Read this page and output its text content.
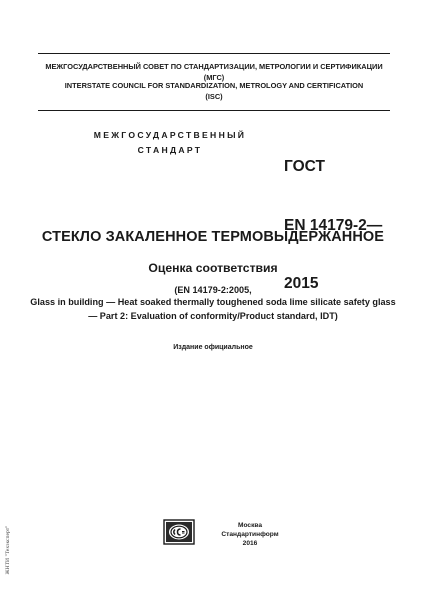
МЕЖГОСУДАРСТВЕННЫЙ СОВЕТ ПО СТАНДАРТИЗАЦИИ, МЕТРОЛОГИИ И СЕРТИФИКАЦИИ
(МГС)
INTERSTATE COUNCIL FOR STANDARDIZATION, METROLOGY AND CERTIFICATION
(ISC)
МЕЖГОСУДАРСТВЕННЫЙ
СТАНДАРТ

ГОСТ

EN 14179-2—

2015

СТЕКЛО ЗАКАЛЕННОЕ ТЕРМОВЫДЕРЖАННОЕ
Оценка соответствия
(EN 14179-2:2005,
Glass in building — Heat soaked thermally toughened soda lime silicate safety glass — Part 2: Evaluation of conformity/Product standard, IDT)
Издание официальное
Москва
Стандартинформ
2016
ЖНТИ "Техэксперт"
